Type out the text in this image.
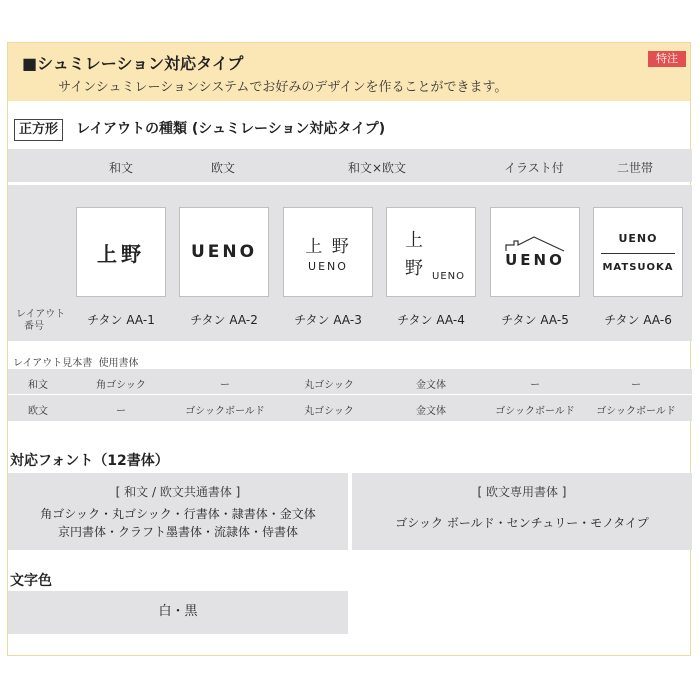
■シュミレーション対応タイプ
サインシュミレーションシステムでお好みのデザインを作ることができます。
特注
正方形 レイアウトの種類 (シュミレーション対応タイプ)
和文	欧文	和文×欧文	イラスト付	二世帯
レイアウト
番号
上野	UENO	上 野
UENO
上
野 UENO
UENO
UENO
MATSUOKA
チタン AA-1	チタン AA-2	チタン AA-3	チタン AA-4	チタン AA-5	チタン AA-6
レイアウト見本書 使用書体
和文	角ゴシック	ー	丸ゴシック	金文体	ー	ー
欧文	ー	ゴシックボールド	丸ゴシック	金文体	ゴシックボールド	ゴシックボールド
対応フォント（12書体）
[ 和文 / 欧文共通書体 ]
角ゴシック・丸ゴシック・行書体・隷書体・金文体
京円書体・クラフト墨書体・流隷体・侍書体
[ 欧文専用書体 ]
ゴシック ボールド・センチュリー・モノタイプ
文字色
白・黒
